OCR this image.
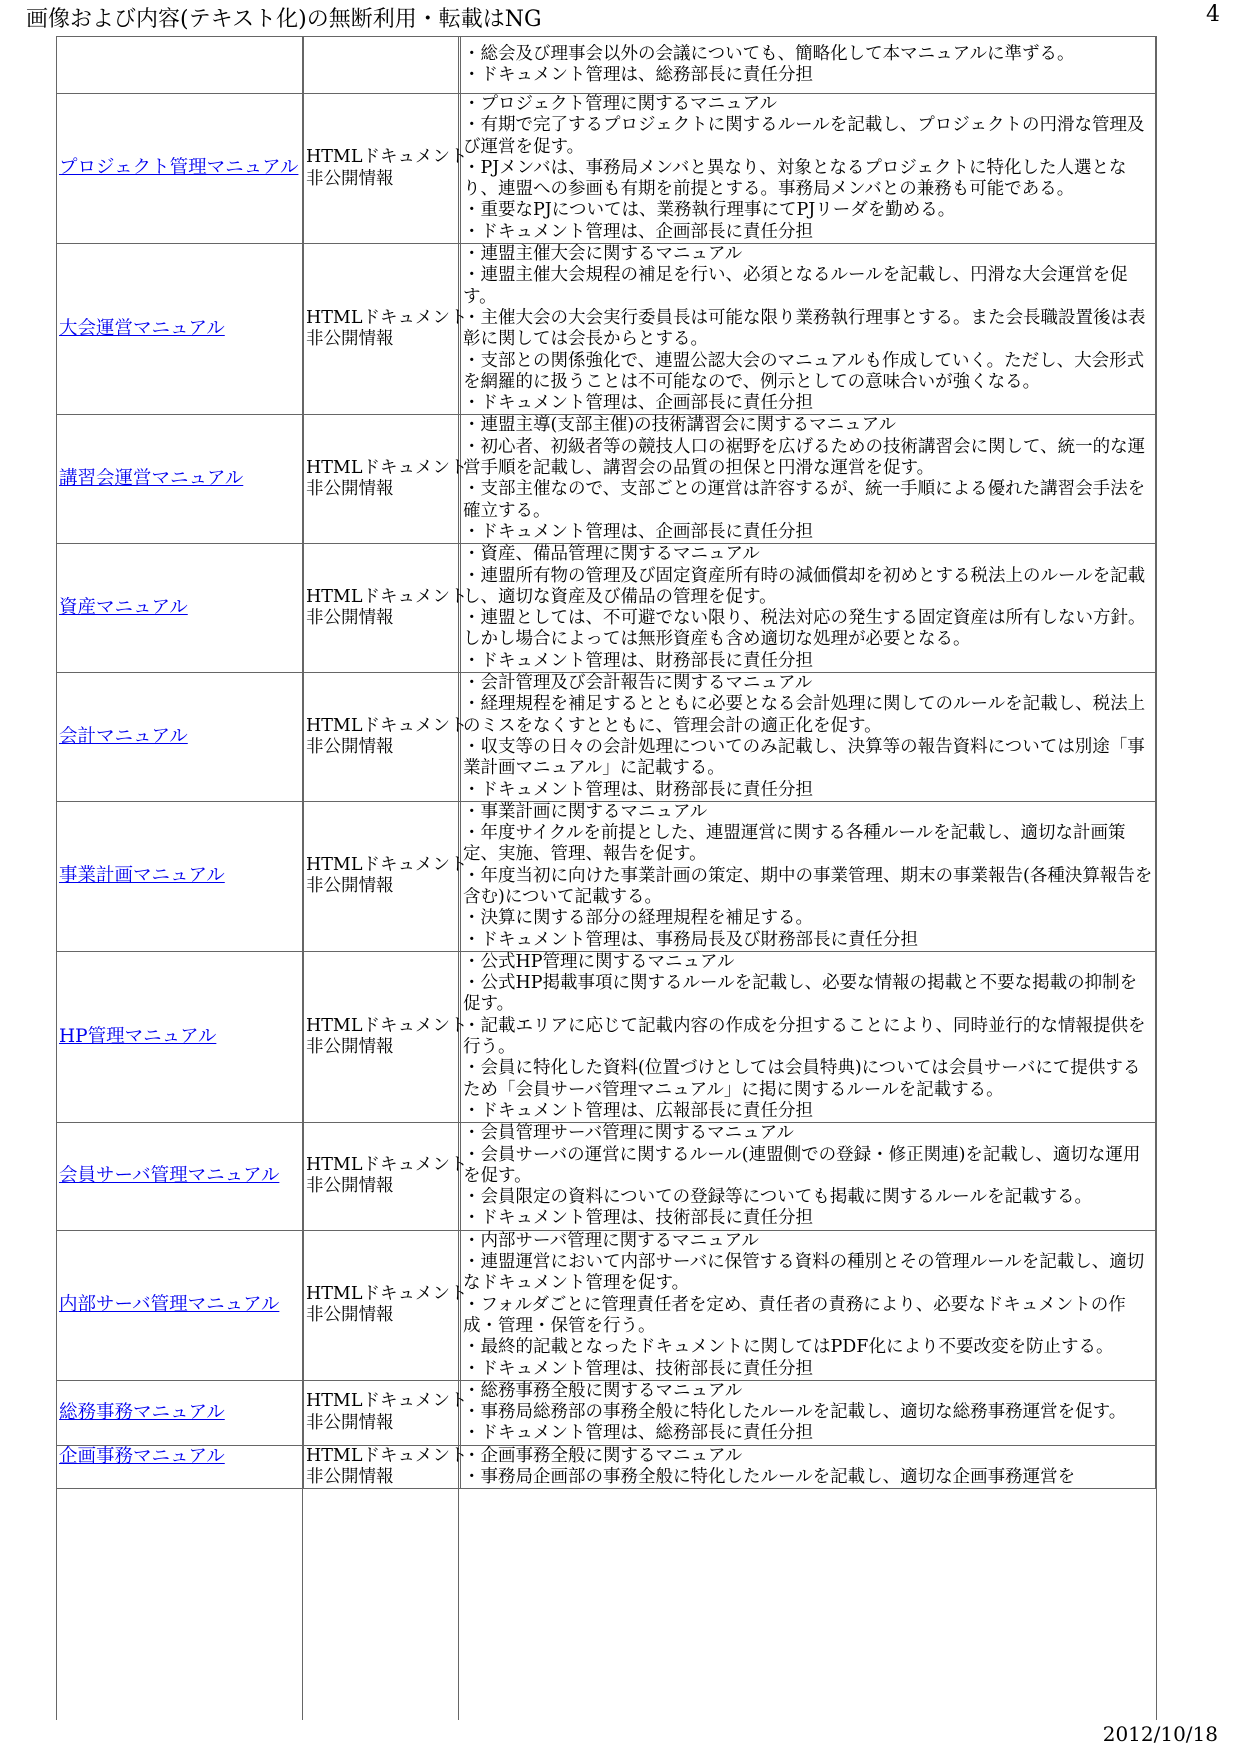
画像および内容(テキスト化)の無断利用・転載はNG	4

		・総会及び理事会以外の会議についても、簡略化して本マニュアルに準ずる。
・ドキュメント管理は、総務部長に責任分担

プロジェクト管理マニュアル	HTMLドキュメント
非公開情報	・プロジェクト管理に関するマニュアル
・有期で完了するプロジェクトに関するルールを記載し、プロジェクトの円滑な管理及び運営を促す。
・PJメンバは、事務局メンバと異なり、対象となるプロジェクトに特化した人選となり、連盟への参画も有期を前提とする。事務局メンバとの兼務も可能である。
・重要なPJについては、業務執行理事にてPJリーダを勤める。
・ドキュメント管理は、企画部長に責任分担

大会運営マニュアル	HTMLドキュメント
非公開情報	・連盟主催大会に関するマニュアル
・連盟主催大会規程の補足を行い、必須となるルールを記載し、円滑な大会運営を促す。
・主催大会の大会実行委員長は可能な限り業務執行理事とする。また会長職設置後は表彰に関しては会長からとする。
・支部との関係強化で、連盟公認大会のマニュアルも作成していく。ただし、大会形式を網羅的に扱うことは不可能なので、例示としての意味合いが強くなる。
・ドキュメント管理は、企画部長に責任分担

講習会運営マニュアル	HTMLドキュメント
非公開情報	・連盟主導(支部主催)の技術講習会に関するマニュアル
・初心者、初級者等の競技人口の裾野を広げるための技術講習会に関して、統一的な運営手順を記載し、講習会の品質の担保と円滑な運営を促す。
・支部主催なので、支部ごとの運営は許容するが、統一手順による優れた講習会手法を確立する。
・ドキュメント管理は、企画部長に責任分担

資産マニュアル	HTMLドキュメント
非公開情報	・資産、備品管理に関するマニュアル
・連盟所有物の管理及び固定資産所有時の減価償却を初めとする税法上のルールを記載し、適切な資産及び備品の管理を促す。
・連盟としては、不可避でない限り、税法対応の発生する固定資産は所有しない方針。しかし場合によっては無形資産も含め適切な処理が必要となる。
・ドキュメント管理は、財務部長に責任分担

会計マニュアル	HTMLドキュメント
非公開情報	・会計管理及び会計報告に関するマニュアル
・経理規程を補足するとともに必要となる会計処理に関してのルールを記載し、税法上のミスをなくすとともに、管理会計の適正化を促す。
・収支等の日々の会計処理についてのみ記載し、決算等の報告資料については別途「事業計画マニュアル」に記載する。
・ドキュメント管理は、財務部長に責任分担

事業計画マニュアル	HTMLドキュメント
非公開情報	・事業計画に関するマニュアル
・年度サイクルを前提とした、連盟運営に関する各種ルールを記載し、適切な計画策定、実施、管理、報告を促す。
・年度当初に向けた事業計画の策定、期中の事業管理、期末の事業報告(各種決算報告を含む)について記載する。
・決算に関する部分の経理規程を補足する。
・ドキュメント管理は、事務局長及び財務部長に責任分担

HP管理マニュアル	HTMLドキュメント
非公開情報	・公式HP管理に関するマニュアル
・公式HP掲載事項に関するルールを記載し、必要な情報の掲載と不要な掲載の抑制を促す。
・記載エリアに応じて記載内容の作成を分担することにより、同時並行的な情報提供を行う。
・会員に特化した資料(位置づけとしては会員特典)については会員サーバにて提供するため「会員サーバ管理マニュアル」に掲に関するルールを記載する。
・ドキュメント管理は、広報部長に責任分担

会員サーバ管理マニュアル	HTMLドキュメント
非公開情報	・会員管理サーバ管理に関するマニュアル
・会員サーバの運営に関するルール(連盟側での登録・修正関連)を記載し、適切な運用を促す。
・会員限定の資料についての登録等についても掲載に関するルールを記載する。
・ドキュメント管理は、技術部長に責任分担

内部サーバ管理マニュアル	HTMLドキュメント
非公開情報	・内部サーバ管理に関するマニュアル
・連盟運営において内部サーバに保管する資料の種別とその管理ルールを記載し、適切なドキュメント管理を促す。
・フォルダごとに管理責任者を定め、責任者の責務により、必要なドキュメントの作成・管理・保管を行う。
・最終的記載となったドキュメントに関してはPDF化により不要改変を防止する。
・ドキュメント管理は、技術部長に責任分担

総務事務マニュアル	HTMLドキュメント
非公開情報	・総務事務全般に関するマニュアル
・事務局総務部の事務全般に特化したルールを記載し、適切な総務事務運営を促す。
・ドキュメント管理は、総務部長に責任分担

企画事務マニュアル	HTMLドキュメント
非公開情報	・企画事務全般に関するマニュアル
・事務局企画部の事務全般に特化したルールを記載し、適切な企画事務運営を
2012/10/18
